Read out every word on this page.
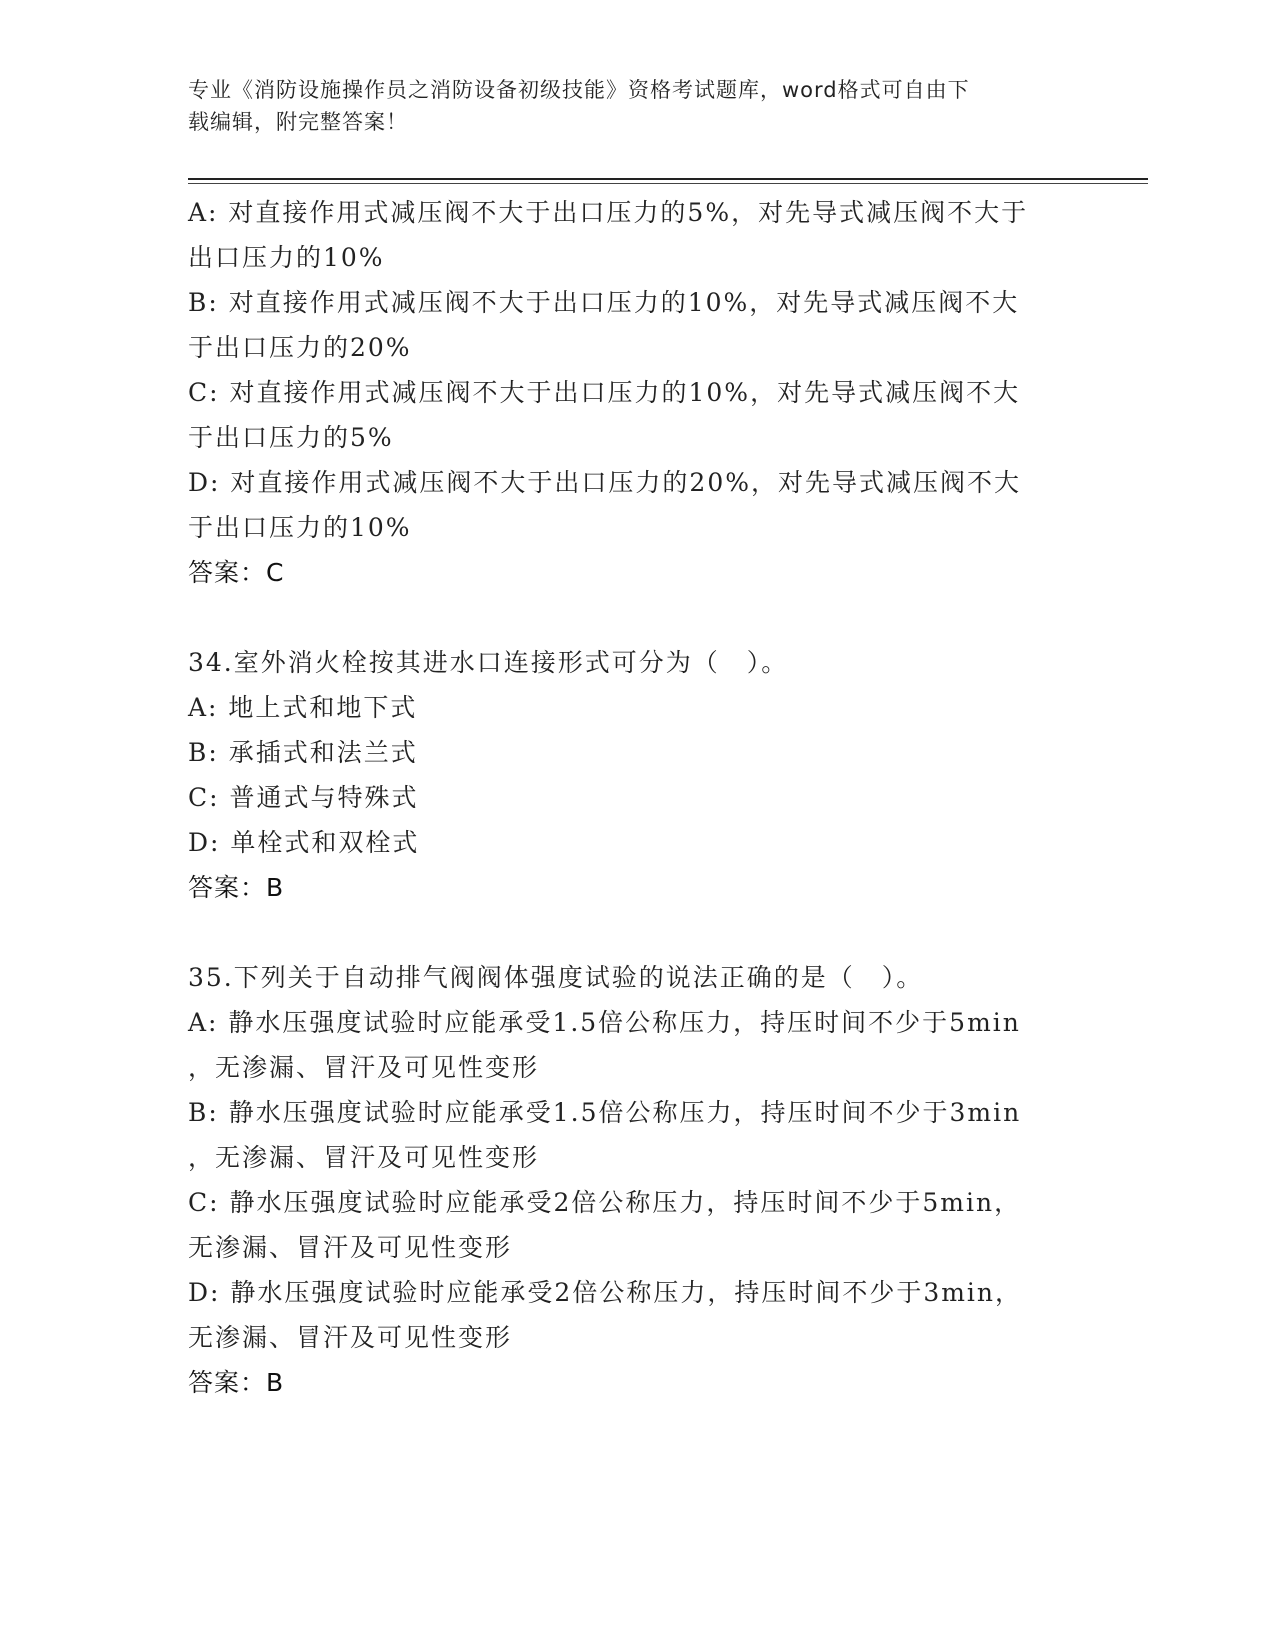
专业《消防设施操作员之消防设备初级技能》资格考试题库，word格式可自由下
载编辑，附完整答案！
A: 对直接作用式减压阀不大于出口压力的5%，对先导式减压阀不大于
出口压力的10%
B: 对直接作用式减压阀不大于出口压力的10%，对先导式减压阀不大
于出口压力的20%
C: 对直接作用式减压阀不大于出口压力的10%，对先导式减压阀不大
于出口压力的5%
D: 对直接作用式减压阀不大于出口压力的20%，对先导式减压阀不大
于出口压力的10%
答案：C
34.室外消火栓按其进水口连接形式可分为（　）。
A: 地上式和地下式
B: 承插式和法兰式
C: 普通式与特殊式
D: 单栓式和双栓式
答案：B
35.下列关于自动排气阀阀体强度试验的说法正确的是（　）。
A: 静水压强度试验时应能承受1.5倍公称压力，持压时间不少于5min
，无渗漏、冒汗及可见性变形
B: 静水压强度试验时应能承受1.5倍公称压力，持压时间不少于3min
，无渗漏、冒汗及可见性变形
C: 静水压强度试验时应能承受2倍公称压力，持压时间不少于5min，
无渗漏、冒汗及可见性变形
D: 静水压强度试验时应能承受2倍公称压力，持压时间不少于3min，
无渗漏、冒汗及可见性变形
答案：B
